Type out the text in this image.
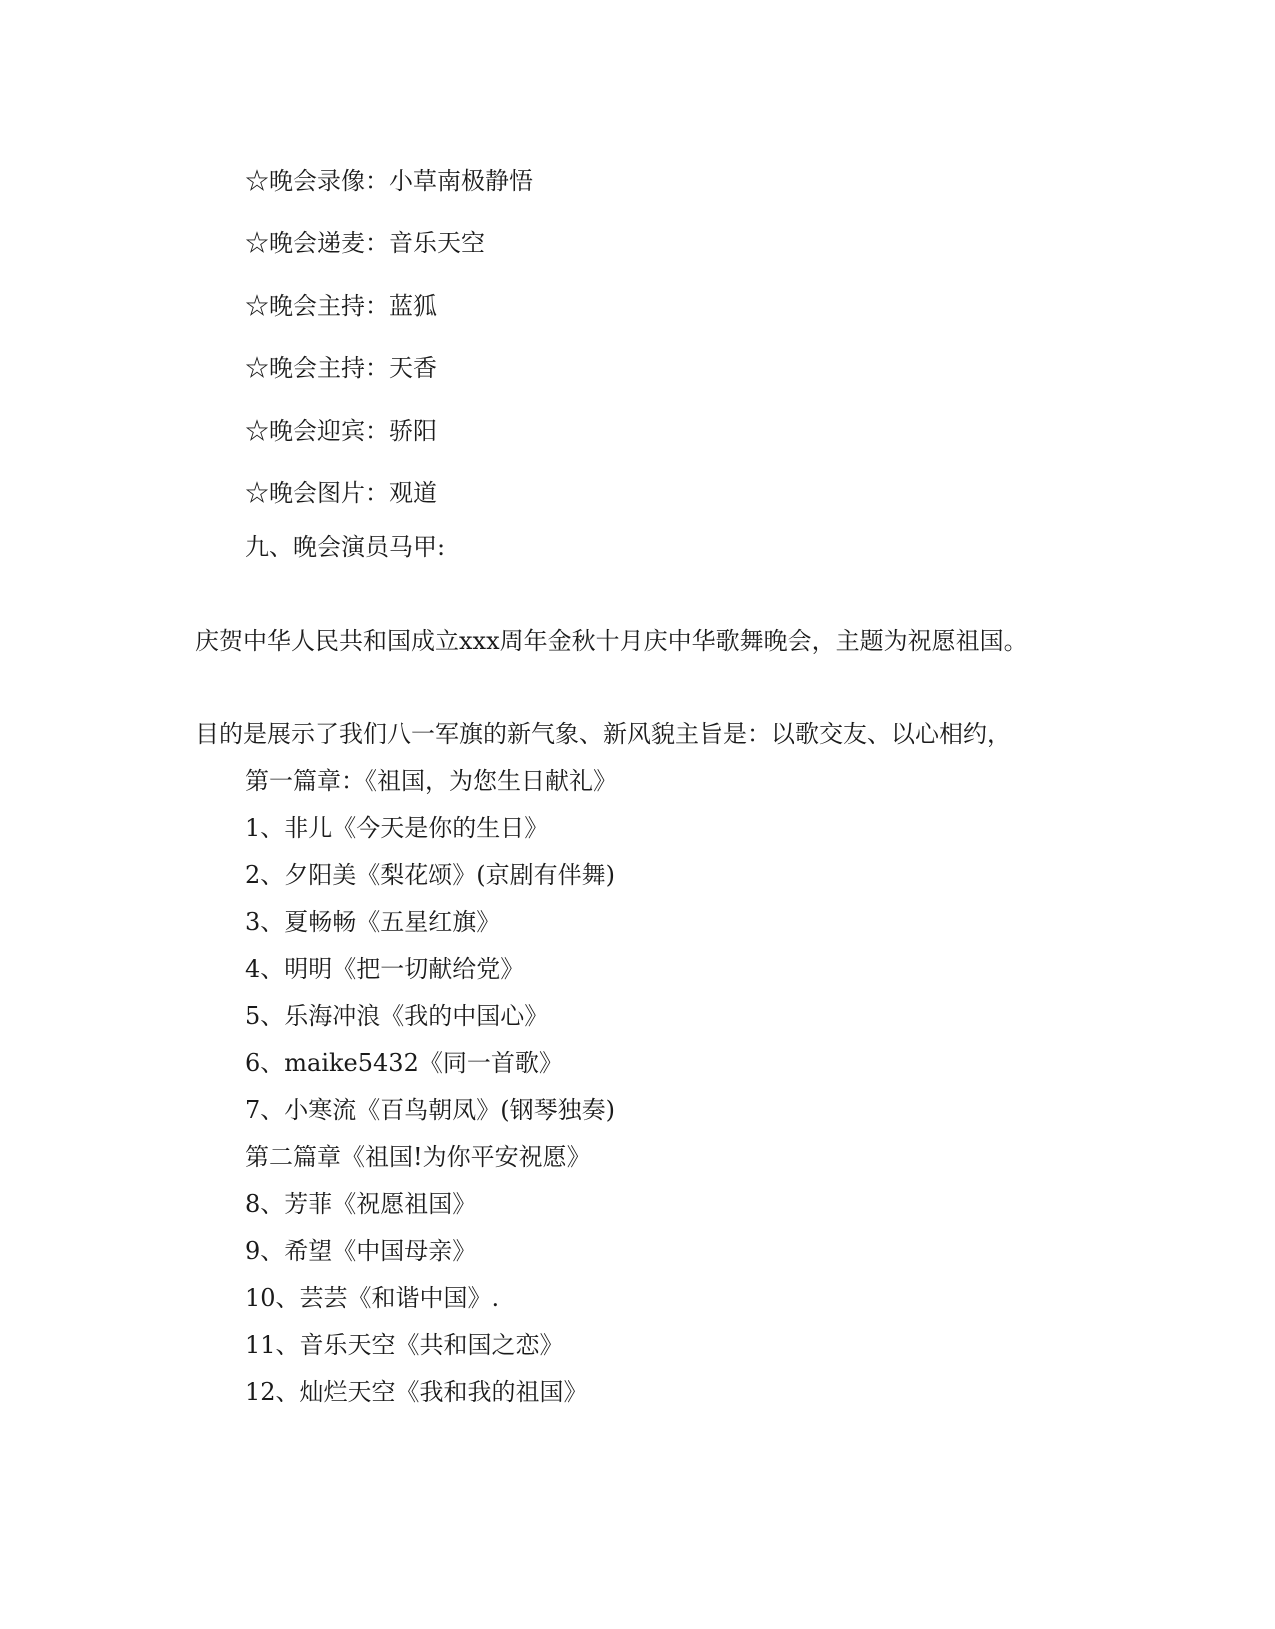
☆晚会录像：小草南极静悟
☆晚会递麦：音乐天空
☆晚会主持：蓝狐
☆晚会主持：天香
☆晚会迎宾：骄阳
☆晚会图片：观道
九、晚会演员马甲:
庆贺中华人民共和国成立xxx周年金秋十月庆中华歌舞晚会，主题为祝愿祖国。
目的是展示了我们八一军旗的新气象、新风貌主旨是：以歌交友、以心相约，
第一篇章：《祖国，为您生日献礼》
1、非儿《今天是你的生日》
2、夕阳美《梨花颂》(京剧有伴舞)
3、夏畅畅《五星红旗》
4、明明《把一切献给党》
5、乐海冲浪《我的中国心》
6、maike5432《同一首歌》
7、小寒流《百鸟朝凤》(钢琴独奏)
第二篇章《祖国!为你平安祝愿》
8、芳菲《祝愿祖国》
9、希望《中国母亲》
10、芸芸《和谐中国》.
11、音乐天空《共和国之恋》
12、灿烂天空《我和我的祖国》
